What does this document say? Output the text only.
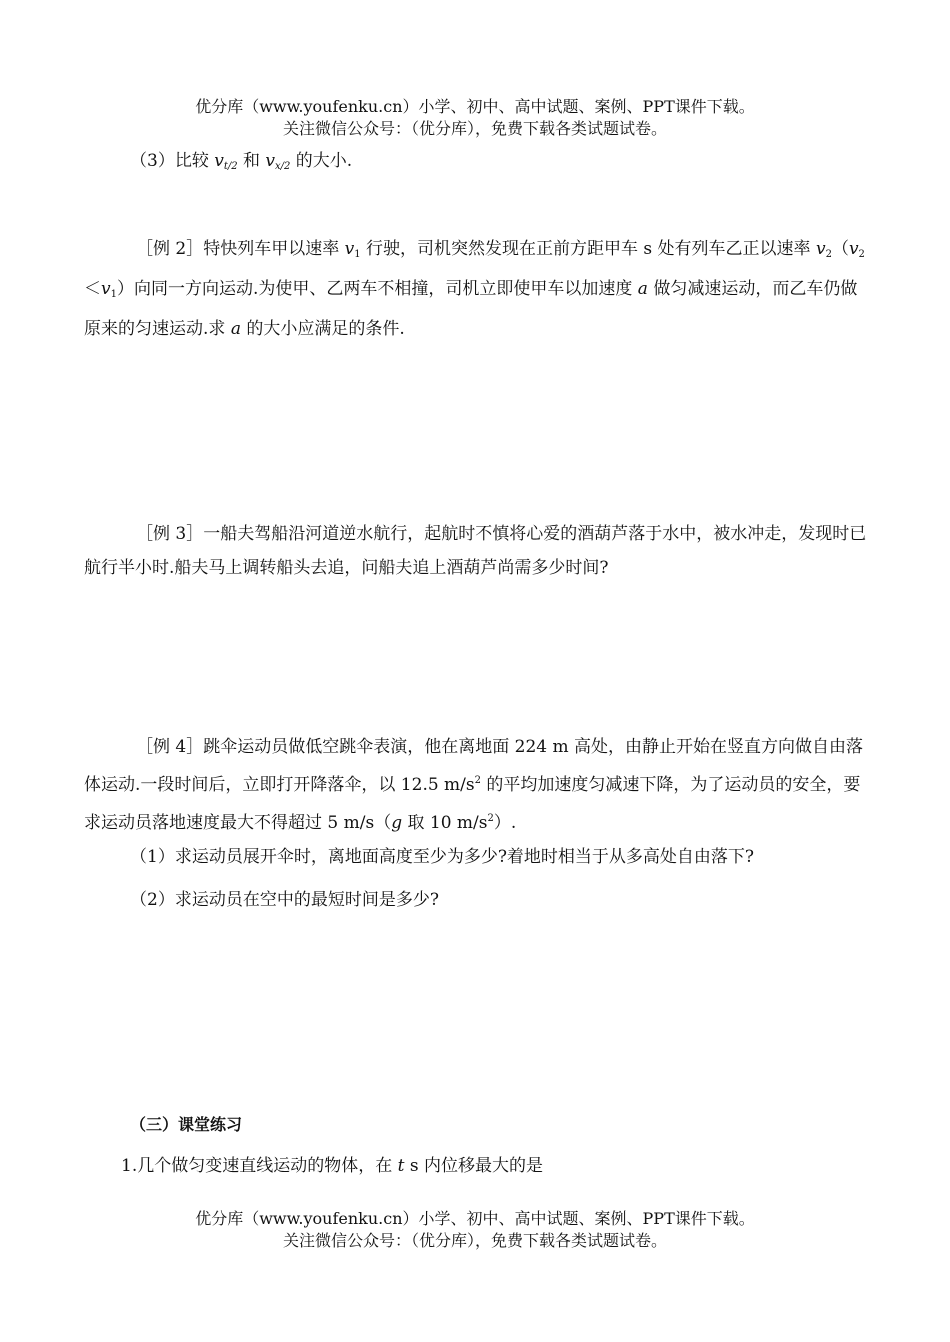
优分库（www.youfenku.cn）小学、初中、高中试题、案例、PPT课件下载。
关注微信公众号：（优分库），免费下载各类试题试卷。
（3）比较 $v_{t/2}$ 和 $v_{x/2}$ 的大小.
［例 2］特快列车甲以速率 $v_1$ 行驶，司机突然发现在正前方距甲车 s 处有列车乙正以速率 $v_2(v_2<v_1)$向同一方向运动.为使甲、乙两车不相撞，司机立即使甲车以加速度 a 做匀减速运动，而乙车仍做原来的匀速运动.求 a 的大小应满足的条件.
［例 3］一船夫驾船沿河道逆水航行，起航时不慎将心爱的酒葫芦落于水中，被水冲走，发现时已航行半小时.船夫马上调转船头去追，问船夫追上酒葫芦尚需多少时间?
［例 4］跳伞运动员做低空跳伞表演，他在离地面 224 m 高处，由静止开始在竖直方向做自由落体运动.一段时间后，立即打开降落伞，以 12.5 $m/s^2$ 的平均加速度匀减速下降，为了运动员的安全，要求运动员落地速度最大不得超过 5 m/s（g 取 10 $m/s^2$）.
（1）求运动员展开伞时，离地面高度至少为多少?着地时相当于从多高处自由落下?
（2）求运动员在空中的最短时间是多少?
（三）课堂练习
1.几个做匀变速直线运动的物体，在 t s 内位移最大的是
优分库（www.youfenku.cn）小学、初中、高中试题、案例、PPT课件下载。
关注微信公众号：（优分库），免费下载各类试题试卷。
